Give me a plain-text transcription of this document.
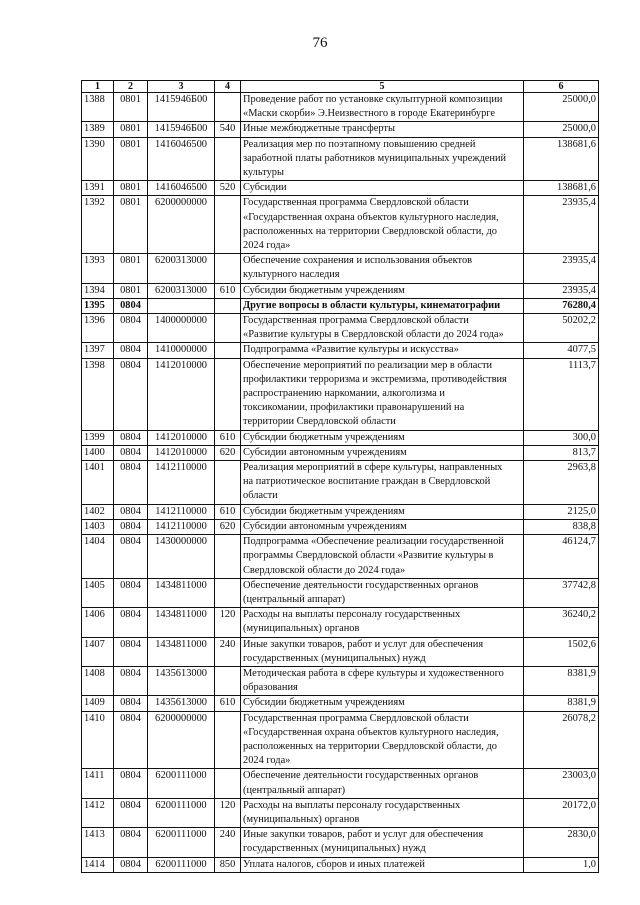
76
1	2	3	4	5	6
1388	0801	1415946Б00		Проведение работ по установке скульптурной композиции
«Маски скорби» Э.Неизвестного в городе Екатеринбурге	25000,0
1389	0801	1415946Б00	540	Иные межбюджетные трансферты	25000,0
1390	0801	1416046500		Реализация мер по поэтапному повышению средней
заработной платы работников муниципальных учреждений
культуры	138681,6
1391	0801	1416046500	520	Субсидии	138681,6
1392	0801	6200000000		Государственная программа Свердловской области
«Государственная охрана объектов культурного наследия,
расположенных на территории Свердловской области, до
2024 года»	23935,4
1393	0801	6200313000		Обеспечение сохранения и использования объектов
культурного наследия	23935,4
1394	0801	6200313000	610	Субсидии бюджетным учреждениям	23935,4
1395	0804			Другие вопросы в области культуры, кинематографии	76280,4
1396	0804	1400000000		Государственная программа Свердловской области
«Развитие культуры в Свердловской области до 2024 года»	50202,2
1397	0804	1410000000		Подпрограмма «Развитие культуры и искусства»	4077,5
1398	0804	1412010000		Обеспечение мероприятий по реализации мер в области
профилактики терроризма и экстремизма, противодействия
распространению наркомании, алкоголизма и
токсикомании, профилактики правонарушений на
территории Свердловской области	1113,7
1399	0804	1412010000	610	Субсидии бюджетным учреждениям	300,0
1400	0804	1412010000	620	Субсидии автономным учреждениям	813,7
1401	0804	1412110000		Реализация мероприятий в сфере культуры, направленных
на патриотическое воспитание граждан в Свердловской
области	2963,8
1402	0804	1412110000	610	Субсидии бюджетным учреждениям	2125,0
1403	0804	1412110000	620	Субсидии автономным учреждениям	838,8
1404	0804	1430000000		Подпрограмма «Обеспечение реализации государственной
программы Свердловской области «Развитие культуры в
Свердловской области до 2024 года»	46124,7
1405	0804	1434811000		Обеспечение деятельности государственных органов
(центральный аппарат)	37742,8
1406	0804	1434811000	120	Расходы на выплаты персоналу государственных
(муниципальных) органов	36240,2
1407	0804	1434811000	240	Иные закупки товаров, работ и услуг для обеспечения
государственных (муниципальных) нужд	1502,6
1408	0804	1435613000		Методическая работа в сфере культуры и художественного
образования	8381,9
1409	0804	1435613000	610	Субсидии бюджетным учреждениям	8381,9
1410	0804	6200000000		Государственная программа Свердловской области
«Государственная охрана объектов культурного наследия,
расположенных на территории Свердловской области, до
2024 года»	26078,2
1411	0804	6200111000		Обеспечение деятельности государственных органов
(центральный аппарат)	23003,0
1412	0804	6200111000	120	Расходы на выплаты персоналу государственных
(муниципальных) органов	20172,0
1413	0804	6200111000	240	Иные закупки товаров, работ и услуг для обеспечения
государственных (муниципальных) нужд	2830,0
1414	0804	6200111000	850	Уплата налогов, сборов и иных платежей	1,0
